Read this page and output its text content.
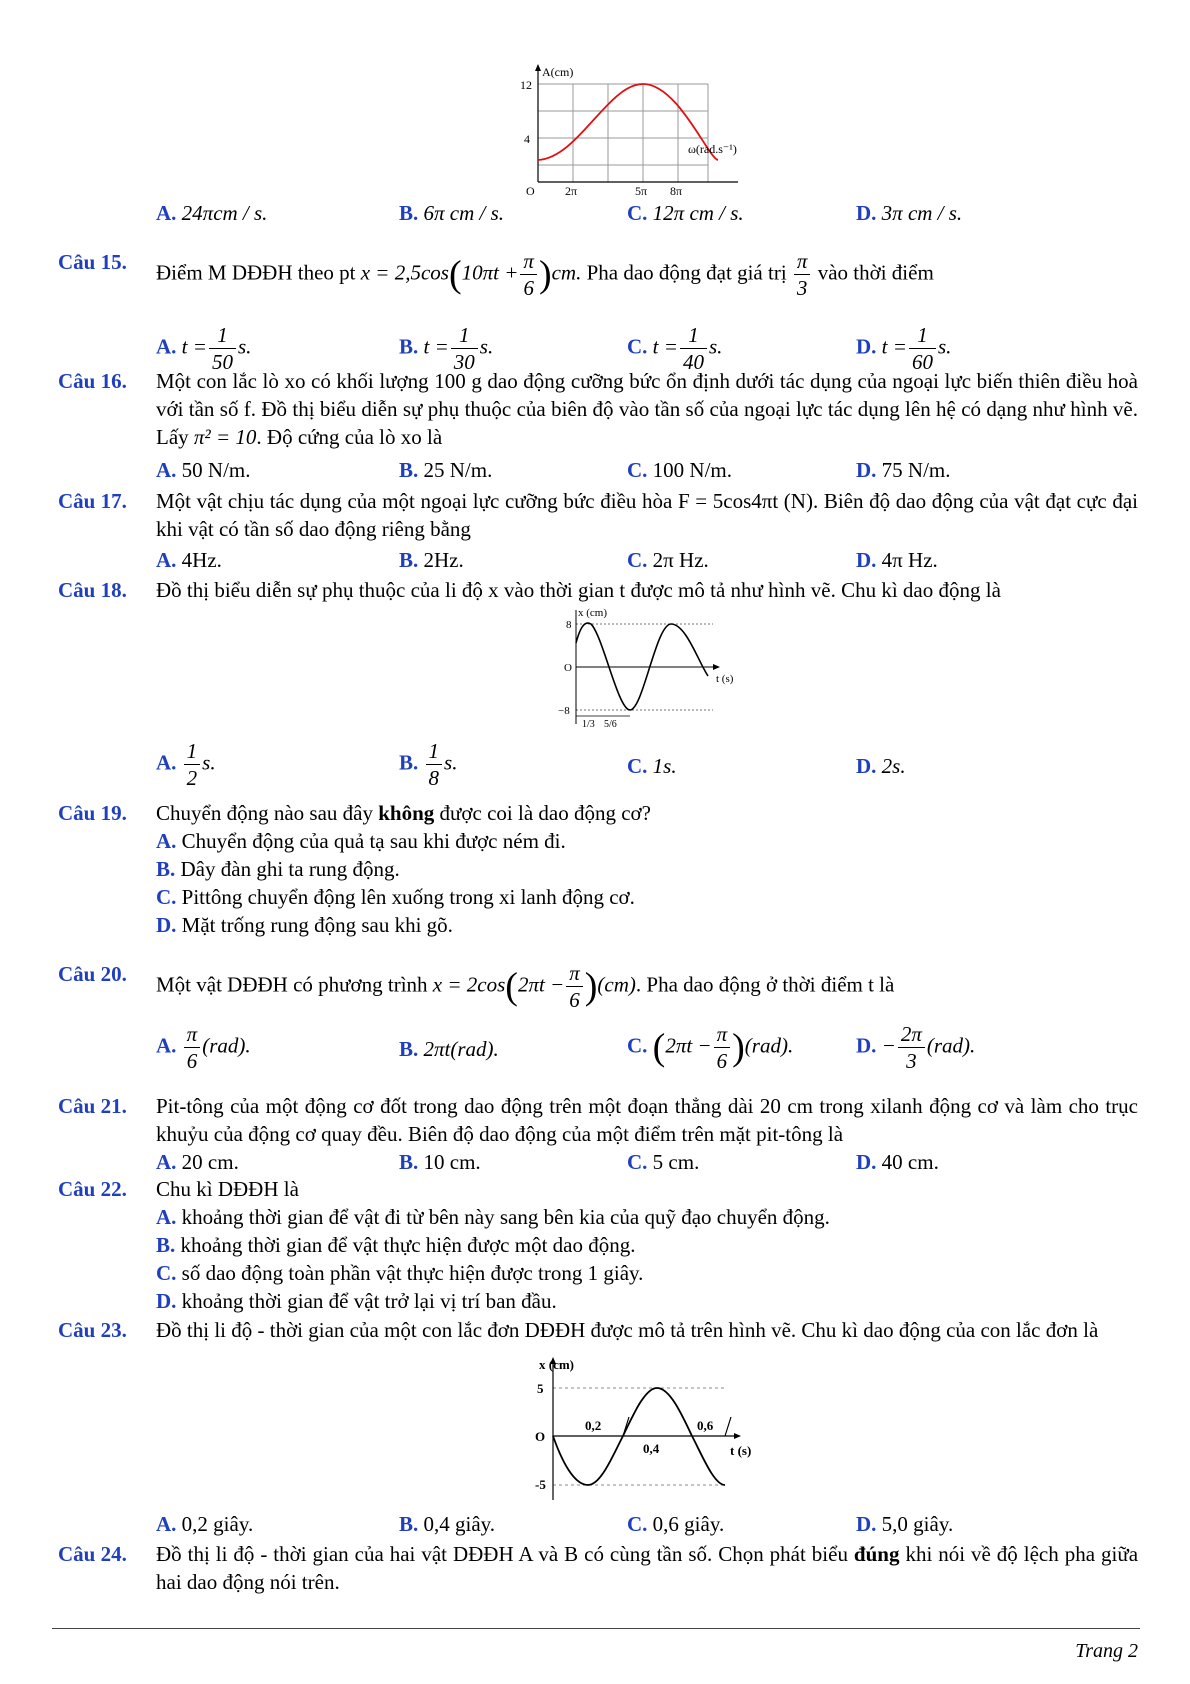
A(cm)
12
4
ω(rad.s⁻¹)
O	2π	5π 8π
A. 24πcm / s.	B. 6π cm / s.	C. 12π cm / s.	D. 3π cm / s.
Câu 15. Điểm M DĐĐH theo pt $x = 2,5\cos(10\pi t + \frac{\pi}{6} )cm$. Pha dao động đạt giá trị $\frac{\pi}{3}$ vào thời điểm
A. $t = \frac{1}{50} s$.	B. $t = \frac{1}{30} s$.	C. $t = \frac{1}{40} s$.	D. $t = \frac{1}{60} s$.
Câu 16. Một con lắc lò xo có khối lượng 100 g dao động cưỡng bức ổn định dưới tác dụng của ngoại lực biến thiên điều hoà với tần số f. Đồ thị biểu diễn sự phụ thuộc của biên độ vào tần số của ngoại lực tác dụng lên hệ có dạng như hình vẽ. Lấy π² = 10. Độ cứng của lò xo là
A. 50 N/m.	B. 25 N/m.	C. 100 N/m.	D. 75 N/m.
Câu 17. Một vật chịu tác dụng của một ngoại lực cưỡng bức điều hòa F = 5cos4πt (N). Biên độ dao động của vật đạt cực đại khi vật có tần số dao động riêng bằng
A. 4Hz.	B. 2Hz.	C. 2π Hz.	D. 4π Hz.
Câu 18. Đồ thị biểu diễn sự phụ thuộc của li độ x vào thời gian t được mô tả như hình vẽ. Chu kì dao động là
x (cm)
8
O
−8
t (s)
1/3 5/6
A. $\frac{1}{2} s$.	B. $\frac{1}{8} s$.	C. 1s.	D. 2s.
Câu 19. Chuyển động nào sau đây không được coi là dao động cơ?
A. Chuyển động của quả tạ sau khi được ném đi.
B. Dây đàn ghi ta rung động.
C. Pittông chuyển động lên xuống trong xi lanh động cơ.
D. Mặt trống rung động sau khi gõ.
Câu 20. Một vật DĐĐH có phương trình $x = 2\cos(2\pi t - \frac{\pi}{6} )(cm)$. Pha dao động ở thời điểm t là
A. $\frac{\pi}{6} (rad)$.	B. 2πt(rad).	C. $(2\pi t - \frac{\pi}{6} )(rad)$.	D. − $\frac{2\pi}{3} (rad)$.
Câu 21. Pit-tông của một động cơ đốt trong dao động trên một đoạn thẳng dài 20 cm trong xilanh động cơ và làm cho trục khuỷu của động cơ quay đều. Biên độ dao động của một điểm trên mặt pit-tông là
A. 20 cm.	B. 10 cm.	C. 5 cm.	D. 40 cm.
Câu 22. Chu kì DĐĐH là
A. khoảng thời gian để vật đi từ bên này sang bên kia của quỹ đạo chuyển động.
B. khoảng thời gian để vật thực hiện được một dao động.
C. số dao động toàn phần vật thực hiện được trong 1 giây.
D. khoảng thời gian để vật trở lại vị trí ban đầu.
Câu 23. Đồ thị li độ - thời gian của một con lắc đơn DĐĐH được mô tả trên hình vẽ. Chu kì dao động của con lắc đơn là
x (cm)
5
O
-5
0,2
0,4
0,6
t (s)
A. 0,2 giây.	B. 0,4 giây.	C. 0,6 giây.	D. 5,0 giây.
Câu 24. Đồ thị li độ - thời gian của hai vật DĐĐH A và B có cùng tần số. Chọn phát biểu đúng khi nói về độ lệch pha giữa hai dao động nói trên.
Trang 2
